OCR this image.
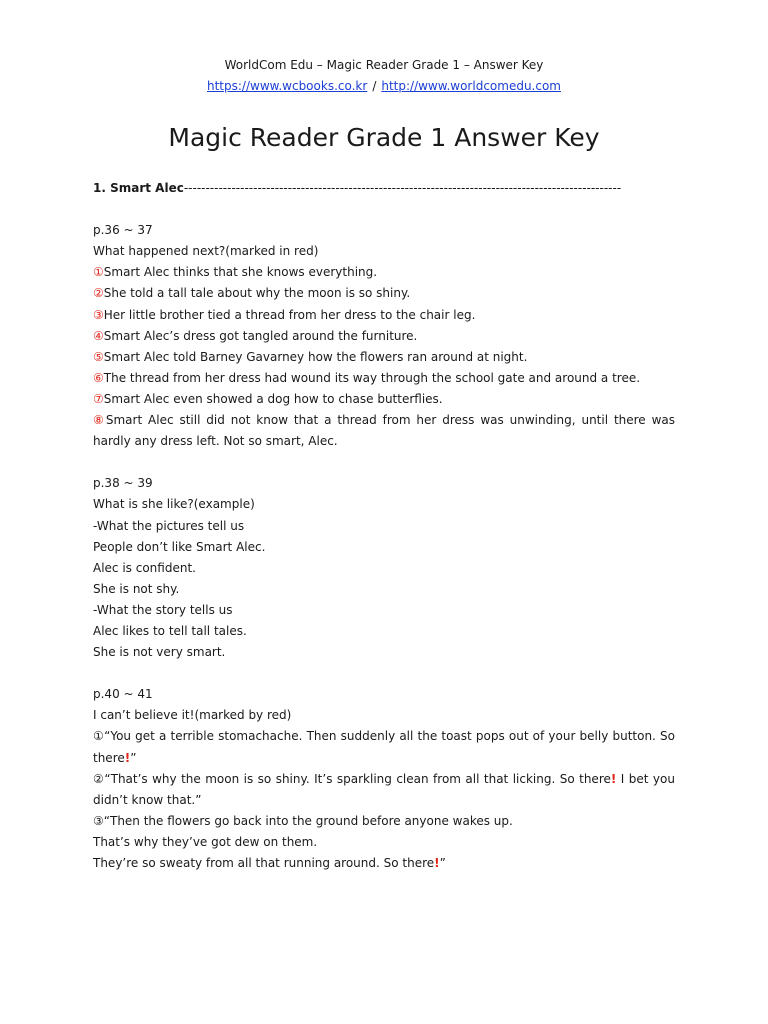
WorldCom Edu – Magic Reader Grade 1 – Answer Key
https://www.wcbooks.co.kr / http://www.worldcomedu.com
Magic Reader Grade 1 Answer Key

1. Smart Alec-----------------------------------------------------------------------------------------------------

p.36 ~ 37

What happened next?(marked in red)

①Smart Alec thinks that she knows everything.

②She told a tall tale about why the moon is so shiny.

③Her little brother tied a thread from her dress to the chair leg.

④Smart Alec’s dress got tangled around the furniture.

⑤Smart Alec told Barney Gavarney how the flowers ran around at night.

⑥The thread from her dress had wound its way through the school gate and around a tree.

⑦Smart Alec even showed a dog how to chase butterflies.

⑧Smart Alec still did not know that a thread from her dress was unwinding, until there was hardly any dress left. Not so smart, Alec.

p.38 ~ 39

What is she like?(example)

-What the pictures tell us

People don’t like Smart Alec.

Alec is confident.

She is not shy.

-What the story tells us

Alec likes to tell tall tales.

She is not very smart.

p.40 ~ 41

I can’t believe it!(marked by red)

①“You get a terrible stomachache. Then suddenly all the toast pops out of your belly button. So there!”

②“That’s why the moon is so shiny. It’s sparkling clean from all that licking. So there! I bet you didn’t know that.”

③“Then the flowers go back into the ground before anyone wakes up.

That’s why they’ve got dew on them.

They’re so sweaty from all that running around. So there!”
